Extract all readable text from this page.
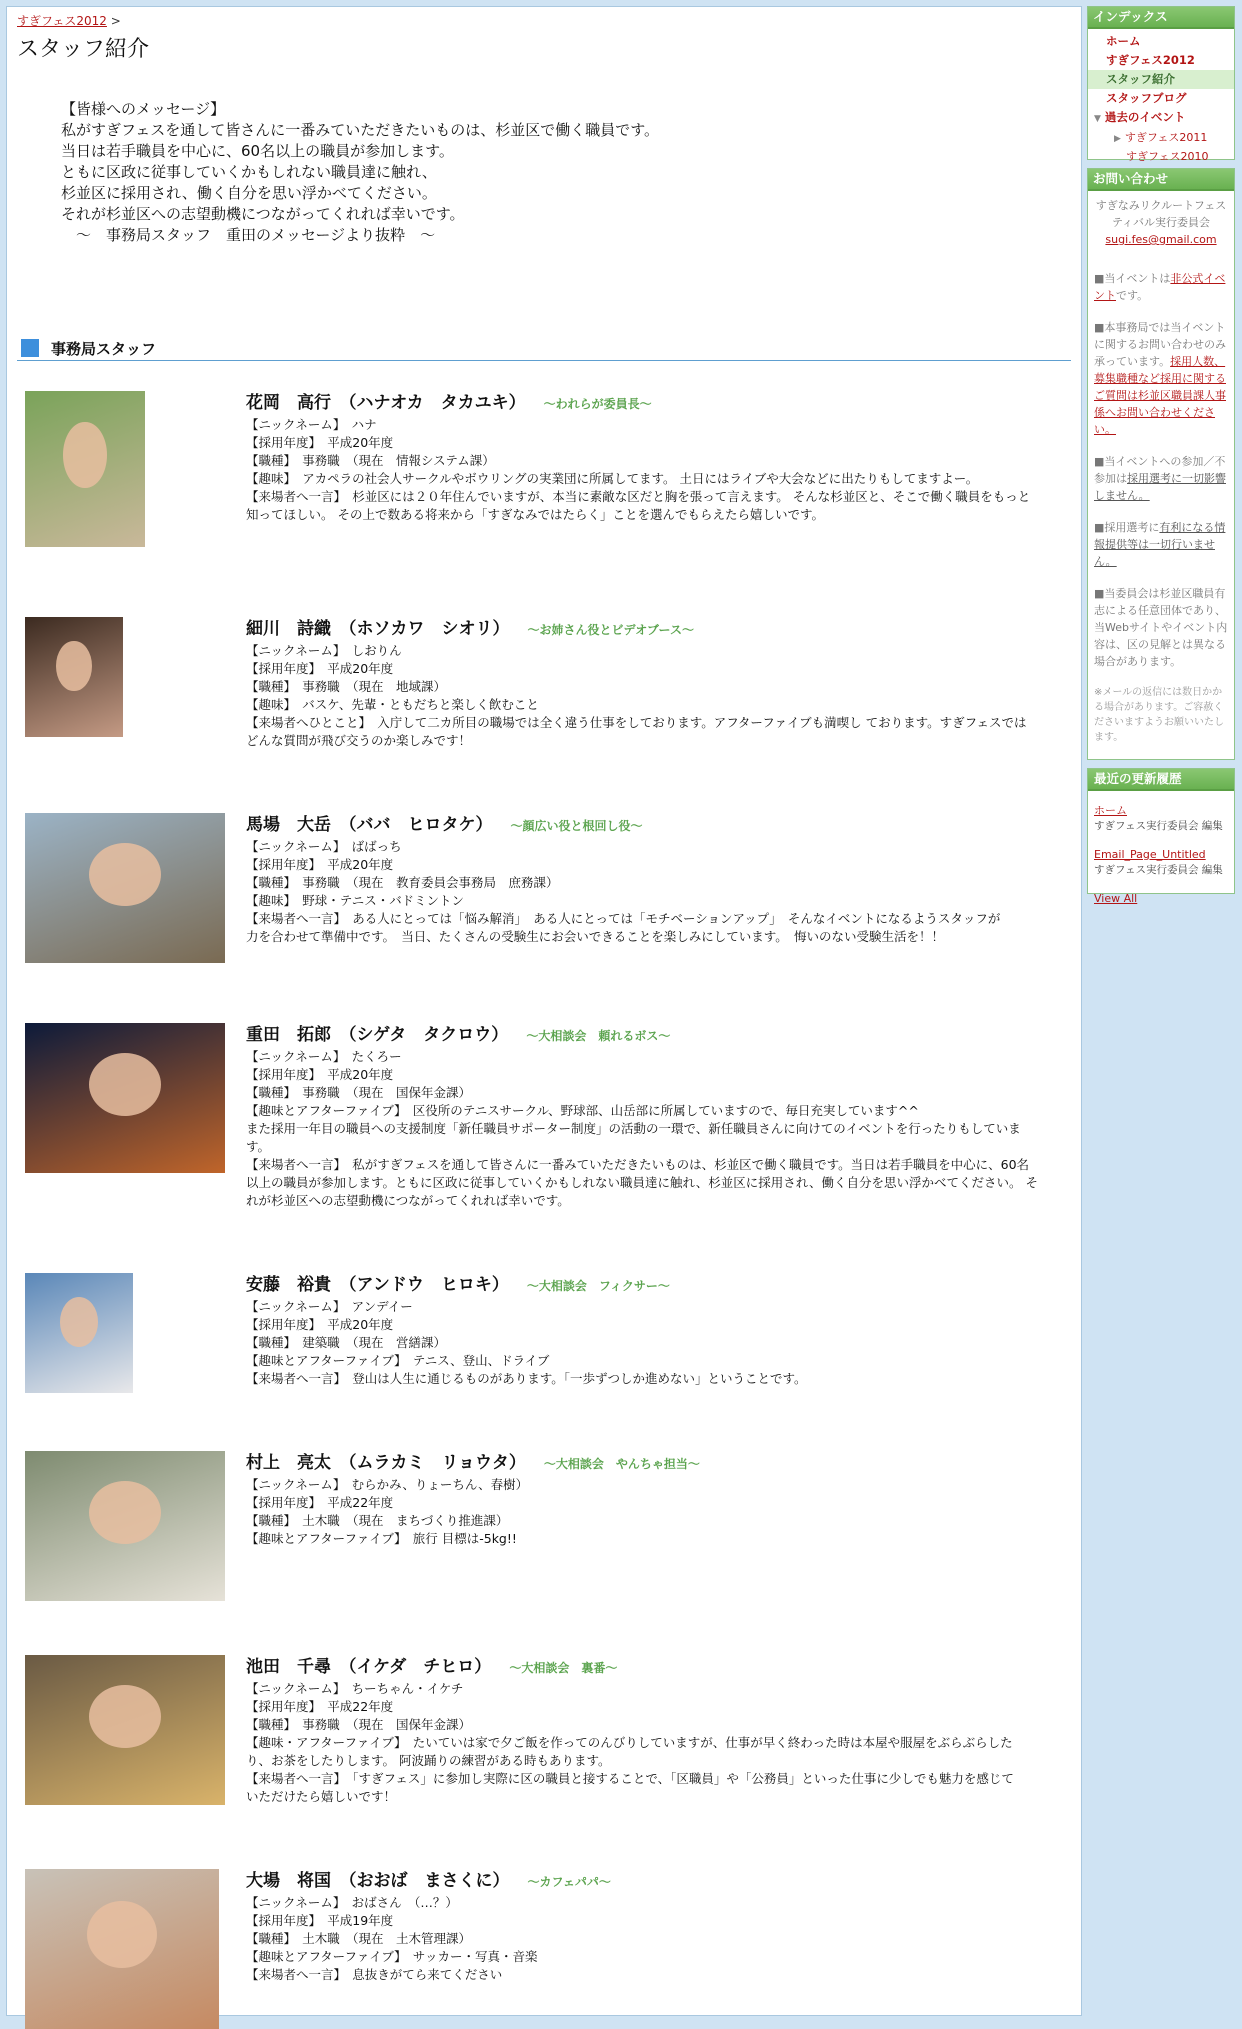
すぎフェス2012 >
スタッフ紹介
【皆様へのメッセージ】
私がすぎフェスを通して皆さんに一番みていただきたいものは、杉並区で働く職員です。
当日は若手職員を中心に、60名以上の職員が参加します。
ともに区政に従事していくかもしれない職員達に触れ、
杉並区に採用され、働く自分を思い浮かべてください。
それが杉並区への志望動機につながってくれれば幸いです。
　～　事務局スタッフ　重田のメッセージより抜粋　～
事務局スタッフ
花岡　高行　（ハナオカ　タカユキ） ～われらが委員長～
【ニックネーム】　ハナ
【採用年度】　平成20年度
【職種】　事務職　（現在　情報システム課）
【趣味】　アカペラの社会人サークルやボウリングの実業団に所属してます。 土日にはライブや大会などに出たりもしてますよー。
【来場者へ一言】　杉並区には２０年住んでいますが、本当に素敵な区だと胸を張って言えます。 そんな杉並区と、そこで働く職員をもっと
知ってほしい。 その上で数ある将来から「すぎなみではたらく」ことを選んでもらえたら嬉しいです。
細川　詩織　（ホソカワ　シオリ） ～お姉さん役とビデオブース～
【ニックネーム】　しおりん
【採用年度】　平成20年度
【職種】　事務職　（現在　地域課）
【趣味】　バスケ、先輩・ともだちと楽しく飲むこと
【来場者へひとこと】　入庁して二カ所目の職場では全く違う仕事をしております。アフターファイブも満喫し ております。すぎフェスでは
どんな質問が飛び交うのか楽しみです！
馬場　大岳　（ババ　ヒロタケ） ～顔広い役と根回し役～
【ニックネーム】　ばばっち
【採用年度】　平成20年度
【職種】　事務職　（現在　教育委員会事務局　庶務課）
【趣味】　野球・テニス・バドミントン
【来場者へ一言】　ある人にとっては「悩み解消」　ある人にとっては「モチベーションアップ」　そんなイベントになるようスタッフが
力を合わせて準備中です。　当日、たくさんの受験生にお会いできることを楽しみにしています。　悔いのない受験生活を！！
重田　拓郎　（シゲタ　タクロウ） ～大相談会　頼れるボス～
【ニックネーム】　たくろー
【採用年度】　平成20年度
【職種】　事務職　（現在　国保年金課）
【趣味とアフターファイブ】　区役所のテニスサークル、野球部、山岳部に所属していますので、毎日充実しています^^
また採用一年目の職員への支援制度「新任職員サポーター制度」の活動の一環で、新任職員さんに向けてのイベントを行ったりもしていま
す。
【来場者へ一言】　私がすぎフェスを通して皆さんに一番みていただきたいものは、杉並区で働く職員です。当日は若手職員を中心に、60名
以上の職員が参加します。ともに区政に従事していくかもしれない職員達に触れ、杉並区に採用され、働く自分を思い浮かべてください。 そ
れが杉並区への志望動機につながってくれれば幸いです。
安藤　裕貴　（アンドウ　ヒロキ） ～大相談会　フィクサー～
【ニックネーム】　アンデイー
【採用年度】　平成20年度
【職種】　建築職　（現在　営繕課）
【趣味とアフターファイブ】　テニス、登山、ドライブ
【来場者へ一言】　登山は人生に通じるものがあります。「一歩ずつしか進めない」ということです。
村上　亮太　（ムラカミ　リョウタ） ～大相談会　やんちゃ担当～
【ニックネーム】　むらかみ、りょーちん、春樹）
【採用年度】　平成22年度
【職種】　土木職　（現在　まちづくり推進課）
【趣味とアフターファイブ】　旅行 目標は-5kg!!
池田　千尋　（イケダ　チヒロ） ～大相談会　裏番～
【ニックネーム】　ちーちゃん・イケチ
【採用年度】　平成22年度
【職種】　事務職　（現在　国保年金課）
【趣味・アフターファイブ】　たいていは家で夕ご飯を作ってのんびりしていますが、仕事が早く終わった時は本屋や服屋をぶらぶらした
り、お茶をしたりします。 阿波踊りの練習がある時もあります。
【来場者へ一言】　「すぎフェス」に参加し実際に区の職員と接することで、「区職員」や「公務員」といった仕事に少しでも魅力を感じて
いただけたら嬉しいです！
大場　将国　（おおば　まさくに） ～カフェパパ～
【ニックネーム】　おばさん　（…？）
【採用年度】　平成19年度
【職種】　土木職　（現在　土木管理課）
【趣味とアフターファイブ】　サッカー・写真・音楽
【来場者へ一言】　息抜きがてら来てください
インデックス
ホーム
すぎフェス2012
スタッフ紹介
スタッフブログ
▼ 過去のイベント
▶ すぎフェス2011
すぎフェス2010
お問い合わせ
すぎなみリクルートフェスティバル実行委員会
sugi.fes@gmail.com
■当イベントは非公式イベントです。
■本事務局では当イベントに関するお問い合わせのみ承っています。採用人数、募集職種など採用に関するご質問は杉並区職員課人事係へお問い合わせください。
■当イベントへの参加／不参加は採用選考に一切影響しません。
■採用選考に有利になる情報提供等は一切行いません。
■当委員会は杉並区職員有志による任意団体であり、当Webサイトやイベント内容は、区の見解とは異なる場合があります。
※メールの返信には数日かかる場合があります。ご容赦くださいますようお願いいたします。
最近の更新履歴
ホーム
すぎフェス実行委員会 編集
Email_Page_Untitled
すぎフェス実行委員会 編集
View All
